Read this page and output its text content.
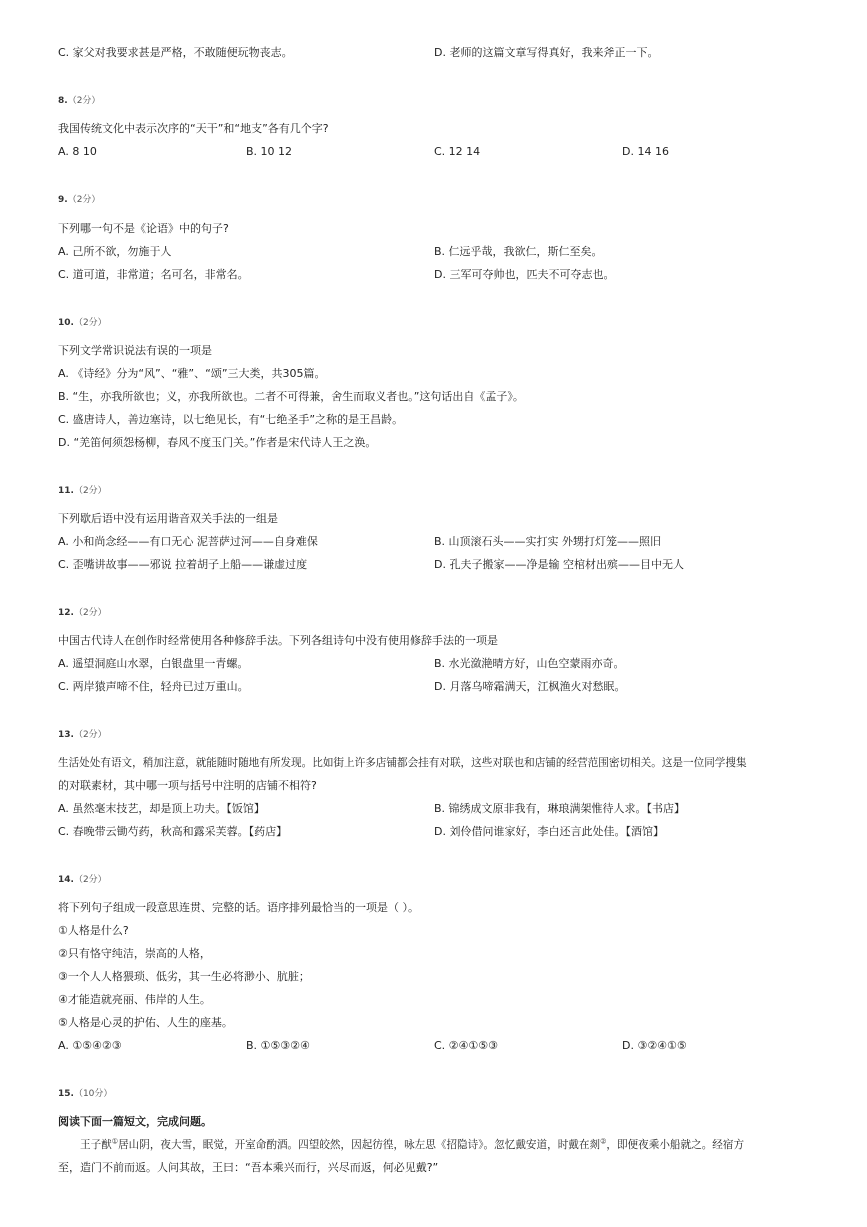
C. 家父对我要求甚是严格，不敢随便玩物丧志。	D. 老师的这篇文章写得真好，我来斧正一下。
8.（2分）
我国传统文化中表示次序的“天干”和“地支”各有几个字?
A. 8 10	B. 10 12	C. 12 14	D. 14 16
9.（2分）
下列哪一句不是《论语》中的句子?
A. 己所不欲，勿施于人	B. 仁远乎哉，我欲仁，斯仁至矣。
C. 道可道，非常道；名可名，非常名。	D. 三军可夺帅也，匹夫不可夺志也。
10.（2分）
下列文学常识说法有误的一项是
A. 《诗经》分为“风”、“雅”、“颂”三大类，共305篇。
B. “生，亦我所欲也；义，亦我所欲也。二者不可得兼，舍生而取义者也。”这句话出自《孟子》。
C. 盛唐诗人，善边塞诗，以七绝见长，有“七绝圣手”之称的是王昌龄。
D. “羌笛何须怨杨柳，春风不度玉门关。”作者是宋代诗人王之涣。
11.（2分）
下列歇后语中没有运用谐音双关手法的一组是
A. 小和尚念经——有口无心 泥菩萨过河——自身难保	B. 山顶滚石头——实打实 外甥打灯笼——照旧
C. 歪嘴讲故事——邪说 拉着胡子上船——谦虚过度	D. 孔夫子搬家——净是输 空棺材出殡——目中无人
12.（2分）
中国古代诗人在创作时经常使用各种修辞手法。下列各组诗句中没有使用修辞手法的一项是
A. 遥望洞庭山水翠，白银盘里一青螺。	B. 水光潋滟晴方好，山色空蒙雨亦奇。
C. 两岸猿声啼不住，轻舟已过万重山。	D. 月落乌啼霜满天，江枫渔火对愁眠。
13.（2分）
生活处处有语文，稍加注意，就能随时随地有所发现。比如街上许多店铺都会挂有对联，这些对联也和店铺的经营范围密切相关。这是一位同学搜集
的对联素材，其中哪一项与括号中注明的店铺不相符?
A. 虽然毫末技艺，却是顶上功夫。【饭馆】	B. 锦绣成文原非我有，琳琅满架惟待人求。【书店】
C. 春晚带云锄芍药，秋高和露采芙蓉。【药店】	D. 刘伶借问谁家好，李白还言此处佳。【酒馆】
14.（2分）
将下列句子组成一段意思连贯、完整的话。语序排列最恰当的一项是（ ）。
①人格是什么?
②只有恪守纯洁，崇高的人格，
③一个人人格猥琐、低劣，其一生必将渺小、肮脏；
④才能造就亮丽、伟岸的人生。
⑤人格是心灵的护佑、人生的座基。
A. ①⑤④②③	B. ①⑤③②④	C. ②④①⑤③	D. ③②④①⑤
15.（10分）
阅读下面一篇短文，完成问题。
王子猷①居山阴，夜大雪，眠觉，开室命酌酒。四望皎然，因起彷徨，咏左思《招隐诗》。忽忆戴安道，时戴在剡②，即便夜乘小船就之。经宿方
至，造门不前而返。人问其故，王曰：“吾本乘兴而行，兴尽而返，何必见戴?”
